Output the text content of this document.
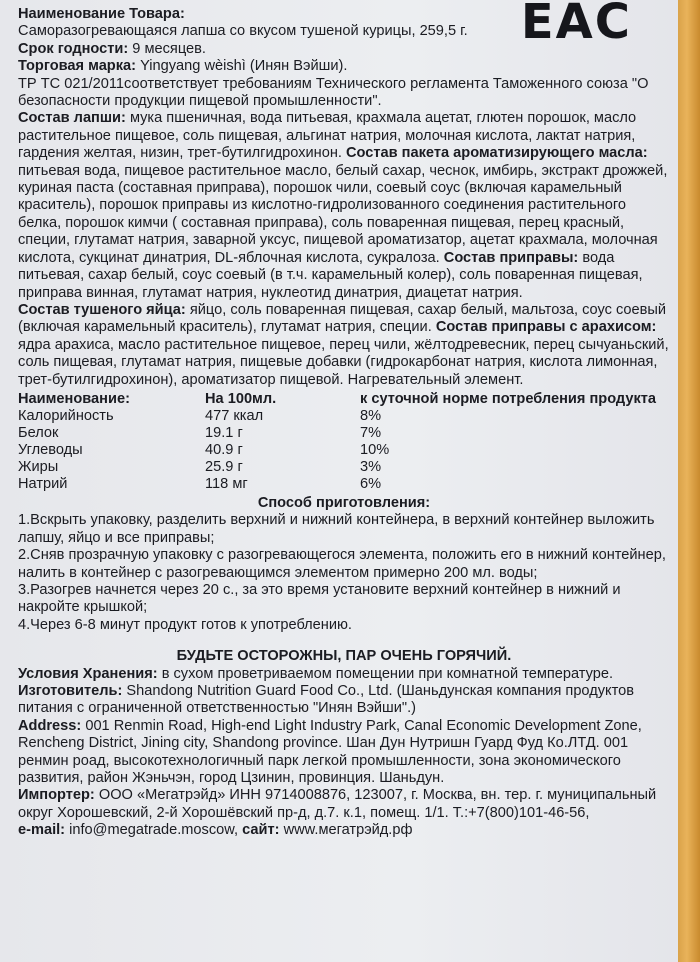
EAC

Наименование Товара:

Саморазогревающаяся лапша со вкусом тушеной курицы, 259,5 г.

Срок годности: 9 месяцев.

Торговая марка: Yingyang wèishì (Инян Вэйши).

ТР ТС 021/2011соответствует требованиям Технического регламента Таможенного союза "О безопасности продукции пищевой промышленности".

Состав лапши: мука пшеничная, вода питьевая, крахмала ацетат, глютен порошок, масло растительное пищевое, соль пищевая, альгинат натрия, молочная кислота, лактат натрия, гардения желтая, низин, трет-бутилгидрохинон. Состав пакета ароматизирующего масла: питьевая вода, пищевое растительное масло, белый сахар, чеснок, имбирь, экстракт дрожжей, куриная паста (составная приправа), порошок чили, соевый соус (включая карамельный краситель), порошок приправы из кислотно-гидролизованного соединения растительного белка, порошок кимчи ( составная приправа), соль поваренная пищевая, перец красный, специи, глутамат натрия, заварной уксус, пищевой ароматизатор, ацетат крахмала, молочная кислота, сукцинат динатрия, DL-яблочная кислота, сукралоза. Состав приправы: вода питьевая, сахар белый, соус соевый (в т.ч. карамельный колер), соль поваренная пищевая, приправа винная, глутамат натрия, нуклеотид динатрия, диацетат натрия.

Состав тушеного яйца: яйцо, соль поваренная пищевая, сахар белый, мальтоза, соус соевый (включая карамельный краситель), глутамат натрия, специи. Состав приправы с арахисом: ядра арахиса, масло растительное пищевое, перец чили, жёлтодревесник, перец сычуаньский, соль пищевая, глутамат натрия, пищевые добавки (гидрокарбонат натрия, кислота лимонная, трет-бутилгидрохинон), ароматизатор пищевой. Нагревательный элемент.

Наименование:	На 100мл.	к суточной норме потребления продукта
Калорийность	477 ккал	8%
Белок	19.1 г	7%
Углеводы	40.9 г	10%
Жиры	25.9 г	3%
Натрий	118 мг	6%

Способ приготовления:

1.Вскрыть упаковку, разделить верхний и нижний контейнера, в верхний контейнер выложить лапшу, яйцо и все приправы;

2.Сняв прозрачную упаковку с разогревающегося элемента, положить его в нижний контейнер, налить в контейнер с разогревающимся элементом примерно 200 мл. воды;

3.Разогрев начнется через 20 с., за это время установите верхний контейнер в нижний и накройте крышкой;

4.Через 6-8 минут продукт готов к употреблению.

БУДЬТЕ ОСТОРОЖНЫ, ПАР ОЧЕНЬ ГОРЯЧИЙ.

Условия Хранения: в сухом проветриваемом помещении при комнатной температуре.

Изготовитель: Shandong Nutrition Guard Food Co., Ltd. (Шаньдунская компания продуктов питания с ограниченной ответственностью "Инян Вэйши".)

Address: 001 Renmin Road, High-end Light Industry Park, Canal Economic Development Zone, Rencheng District, Jining city, Shandong province. Шан Дун Нутришн Гуард Фуд Ко.ЛТД. 001 ренмин роад, высокотехнологичный парк легкой промышленности, зона экономического развития, район Жэньчэн, город Цзинин, провинция. Шаньдун.

Импортер: ООО «Мегатрэйд» ИНН 9714008876, 123007, г. Москва, вн. тер. г. муниципальный округ Хорошевский, 2-й Хорошёвский пр-д, д.7. к.1, помещ. 1/1. Т.:+7(800)101-46-56,

e-mail: info@megatrade.moscow, сайт: www.мегатрэйд.рф
